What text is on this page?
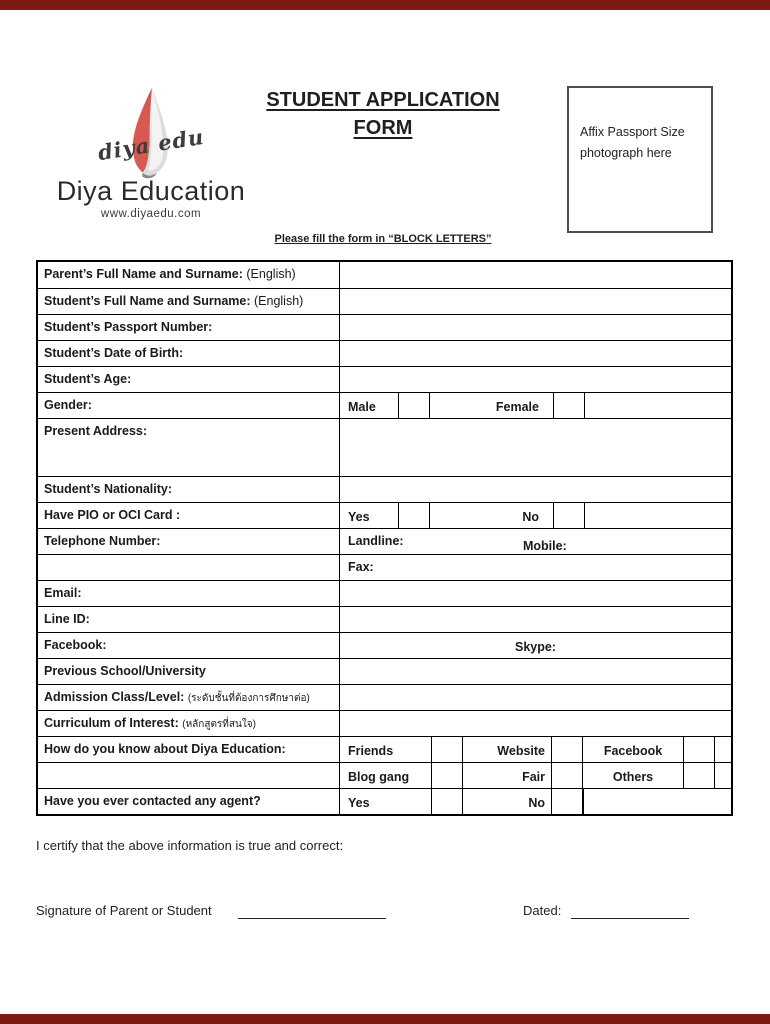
diya edu
Diya Education
www.diyaedu.com
STUDENT APPLICATION
FORM	Affix Passport Size photograph here
Please fill the form in “BLOCK LETTERS”
Parent’s Full Name and Surname: (English)
Student’s Full Name and Surname: (English)
Student’s Passport Number:
Student’s Date of Birth:
Student’s Age:
Gender:	Male	Female
Present Address:
Student’s Nationality:
Have PIO or OCI Card :	Yes	No
Telephone Number:	Landline:	Mobile:
Fax:
Email:
Line ID:
Facebook:	Skype:
Previous School/University
Admission Class/Level: (ระดับชั้นที่ต้องการศึกษาต่อ)
Curriculum of Interest: (หลักสูตรที่สนใจ)
How do you know about Diya Education:	Friends	Website	Facebook
Blog gang	Fair	Others
Have you ever contacted any agent?	Yes	No
I certify that the above information is true and correct:
Signature of Parent or Student	Dated:
